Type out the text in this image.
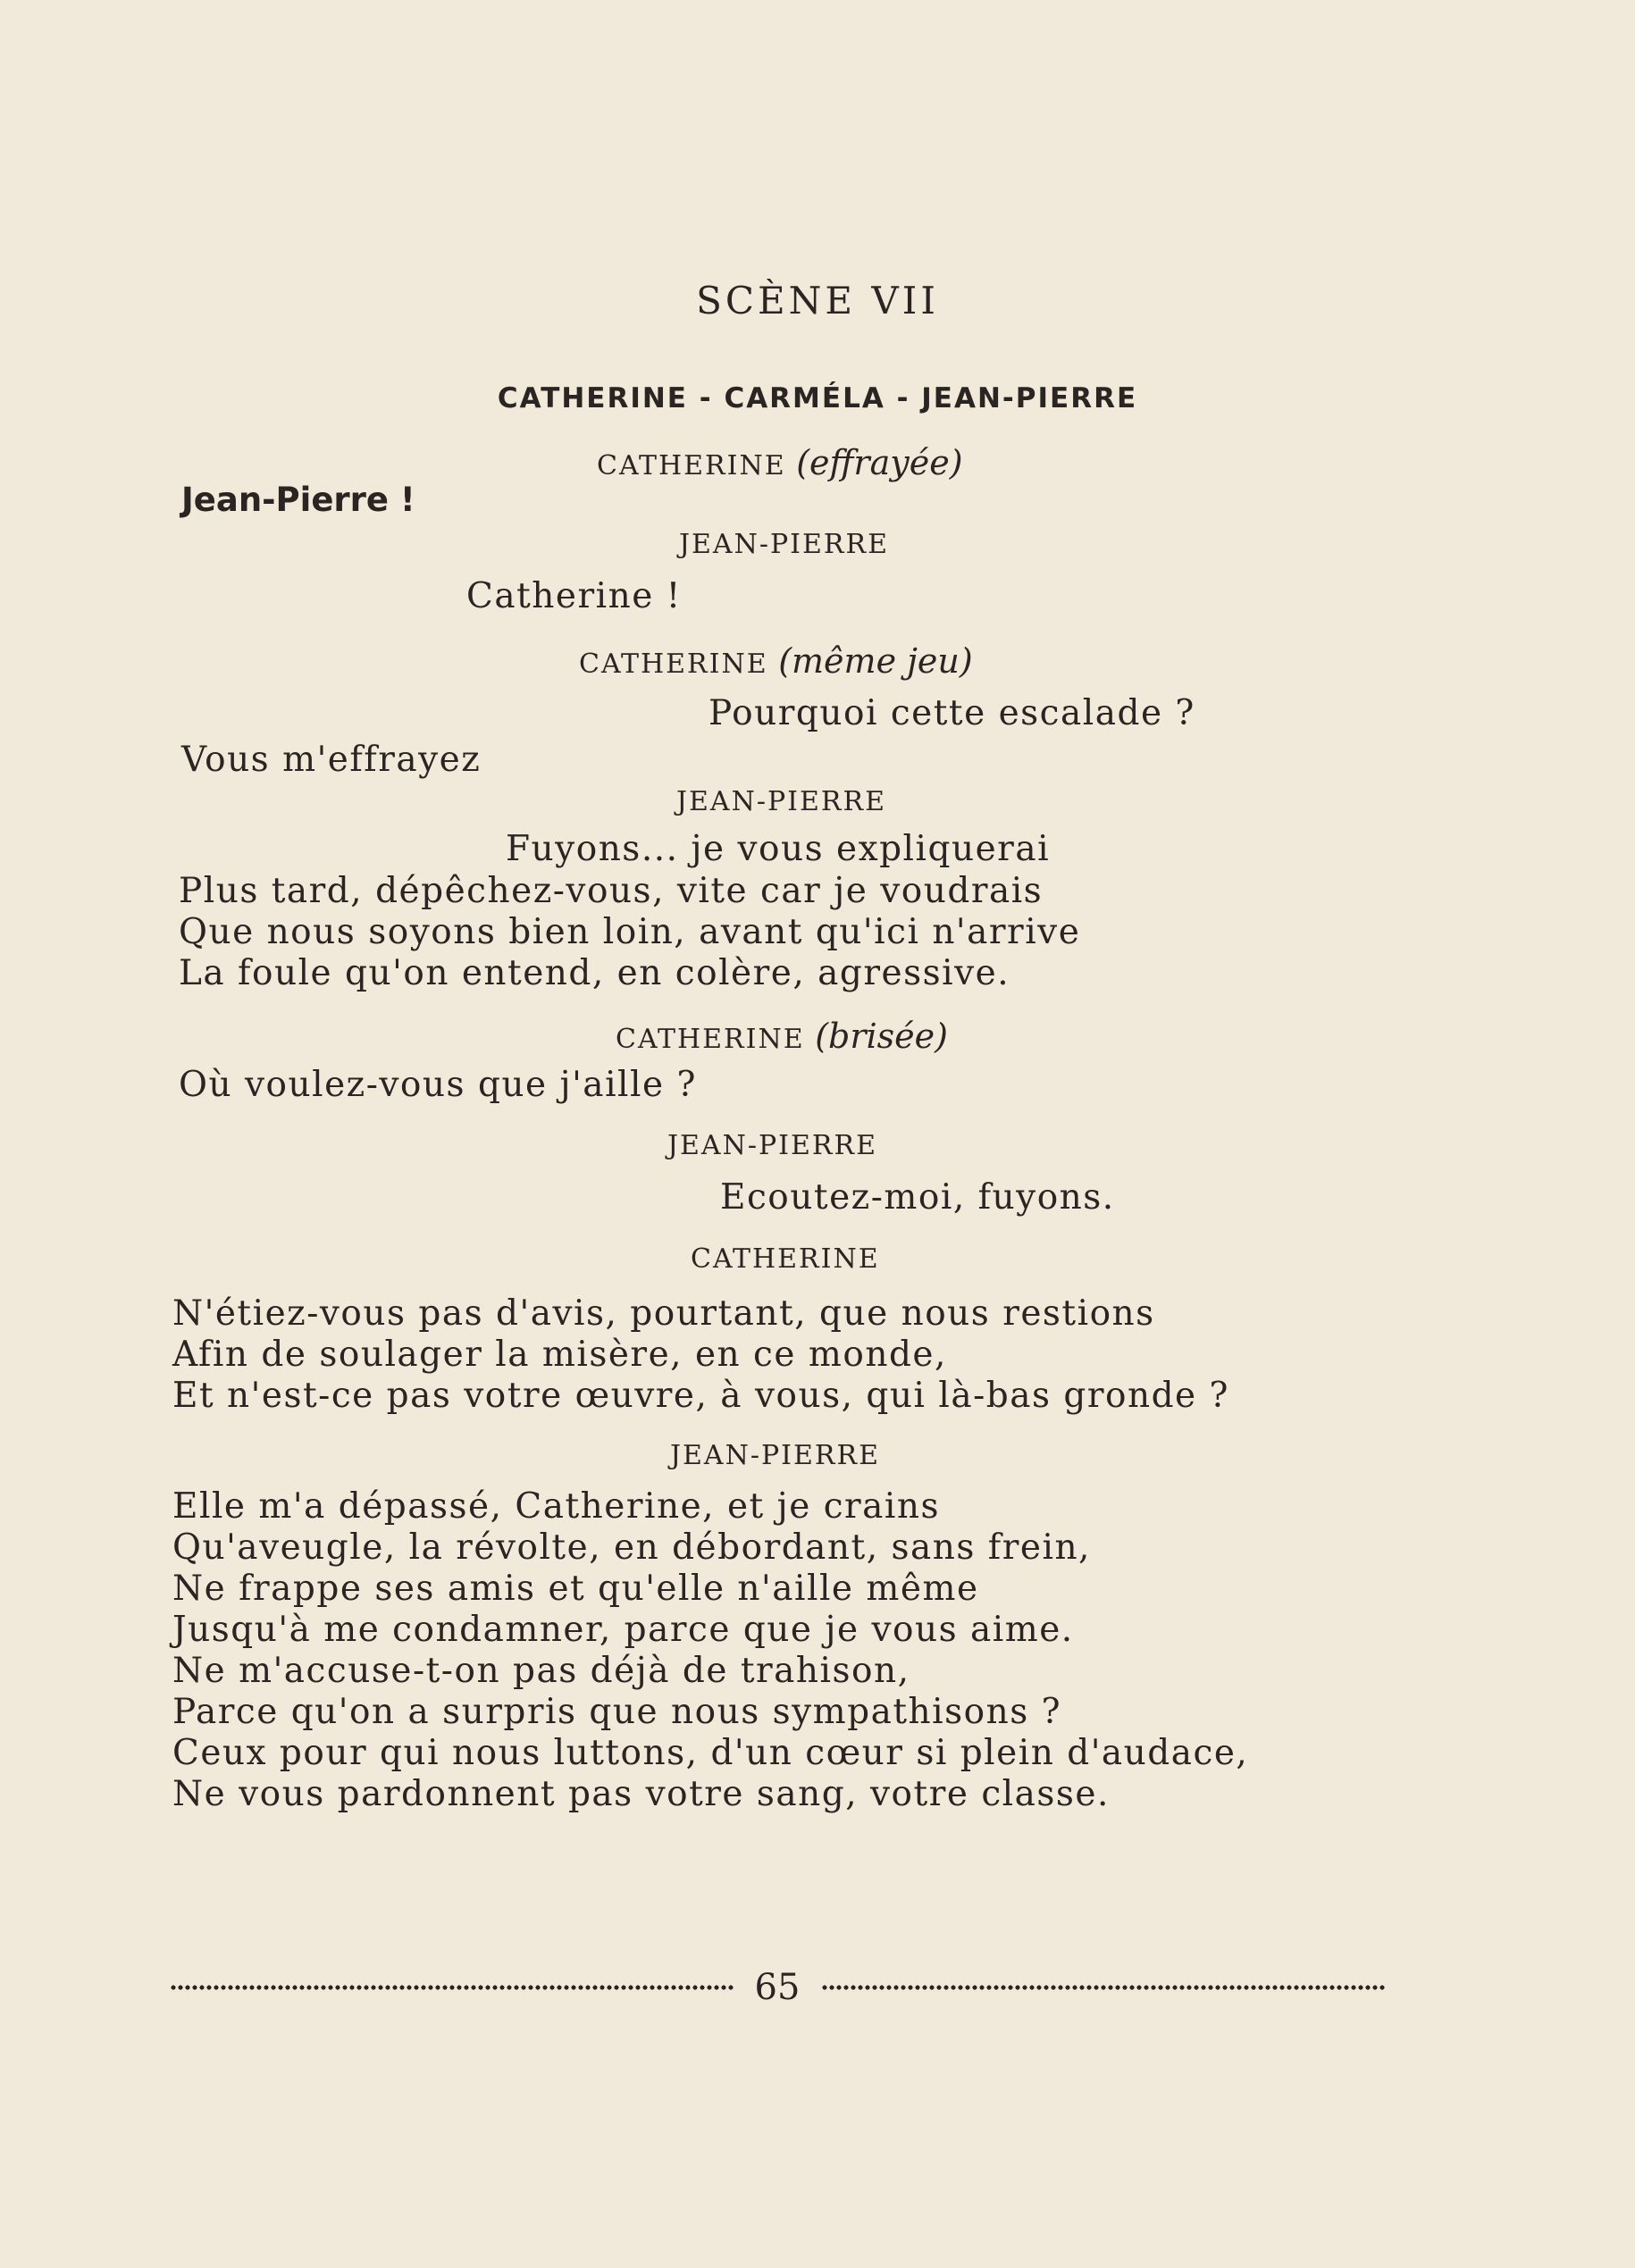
SCÈNE VII
CATHERINE - CARMÉLA - JEAN-PIERRE
CATHERINE (effrayée)
Jean-Pierre !
JEAN-PIERRE
Catherine !
CATHERINE (même jeu)
Pourquoi cette escalade ?
Vous m'effrayez
JEAN-PIERRE
Fuyons... je vous expliquerai
Plus tard, dépêchez-vous, vite car je voudrais
Que nous soyons bien loin, avant qu'ici n'arrive
La foule qu'on entend, en colère, agressive.
CATHERINE (brisée)
Où voulez-vous que j'aille ?
JEAN-PIERRE
Ecoutez-moi, fuyons.
CATHERINE
N'étiez-vous pas d'avis, pourtant, que nous restions
Afin de soulager la misère, en ce monde,
Et n'est-ce pas votre œuvre, à vous, qui là-bas gronde ?
JEAN-PIERRE
Elle m'a dépassé, Catherine, et je crains
Qu'aveugle, la révolte, en débordant, sans frein,
Ne frappe ses amis et qu'elle n'aille même
Jusqu'à me condamner, parce que je vous aime.
Ne m'accuse-t-on pas déjà de trahison,
Parce qu'on a surpris que nous sympathisons ?
Ceux pour qui nous luttons, d'un cœur si plein d'audace,
Ne vous pardonnent pas votre sang, votre classe.
65
